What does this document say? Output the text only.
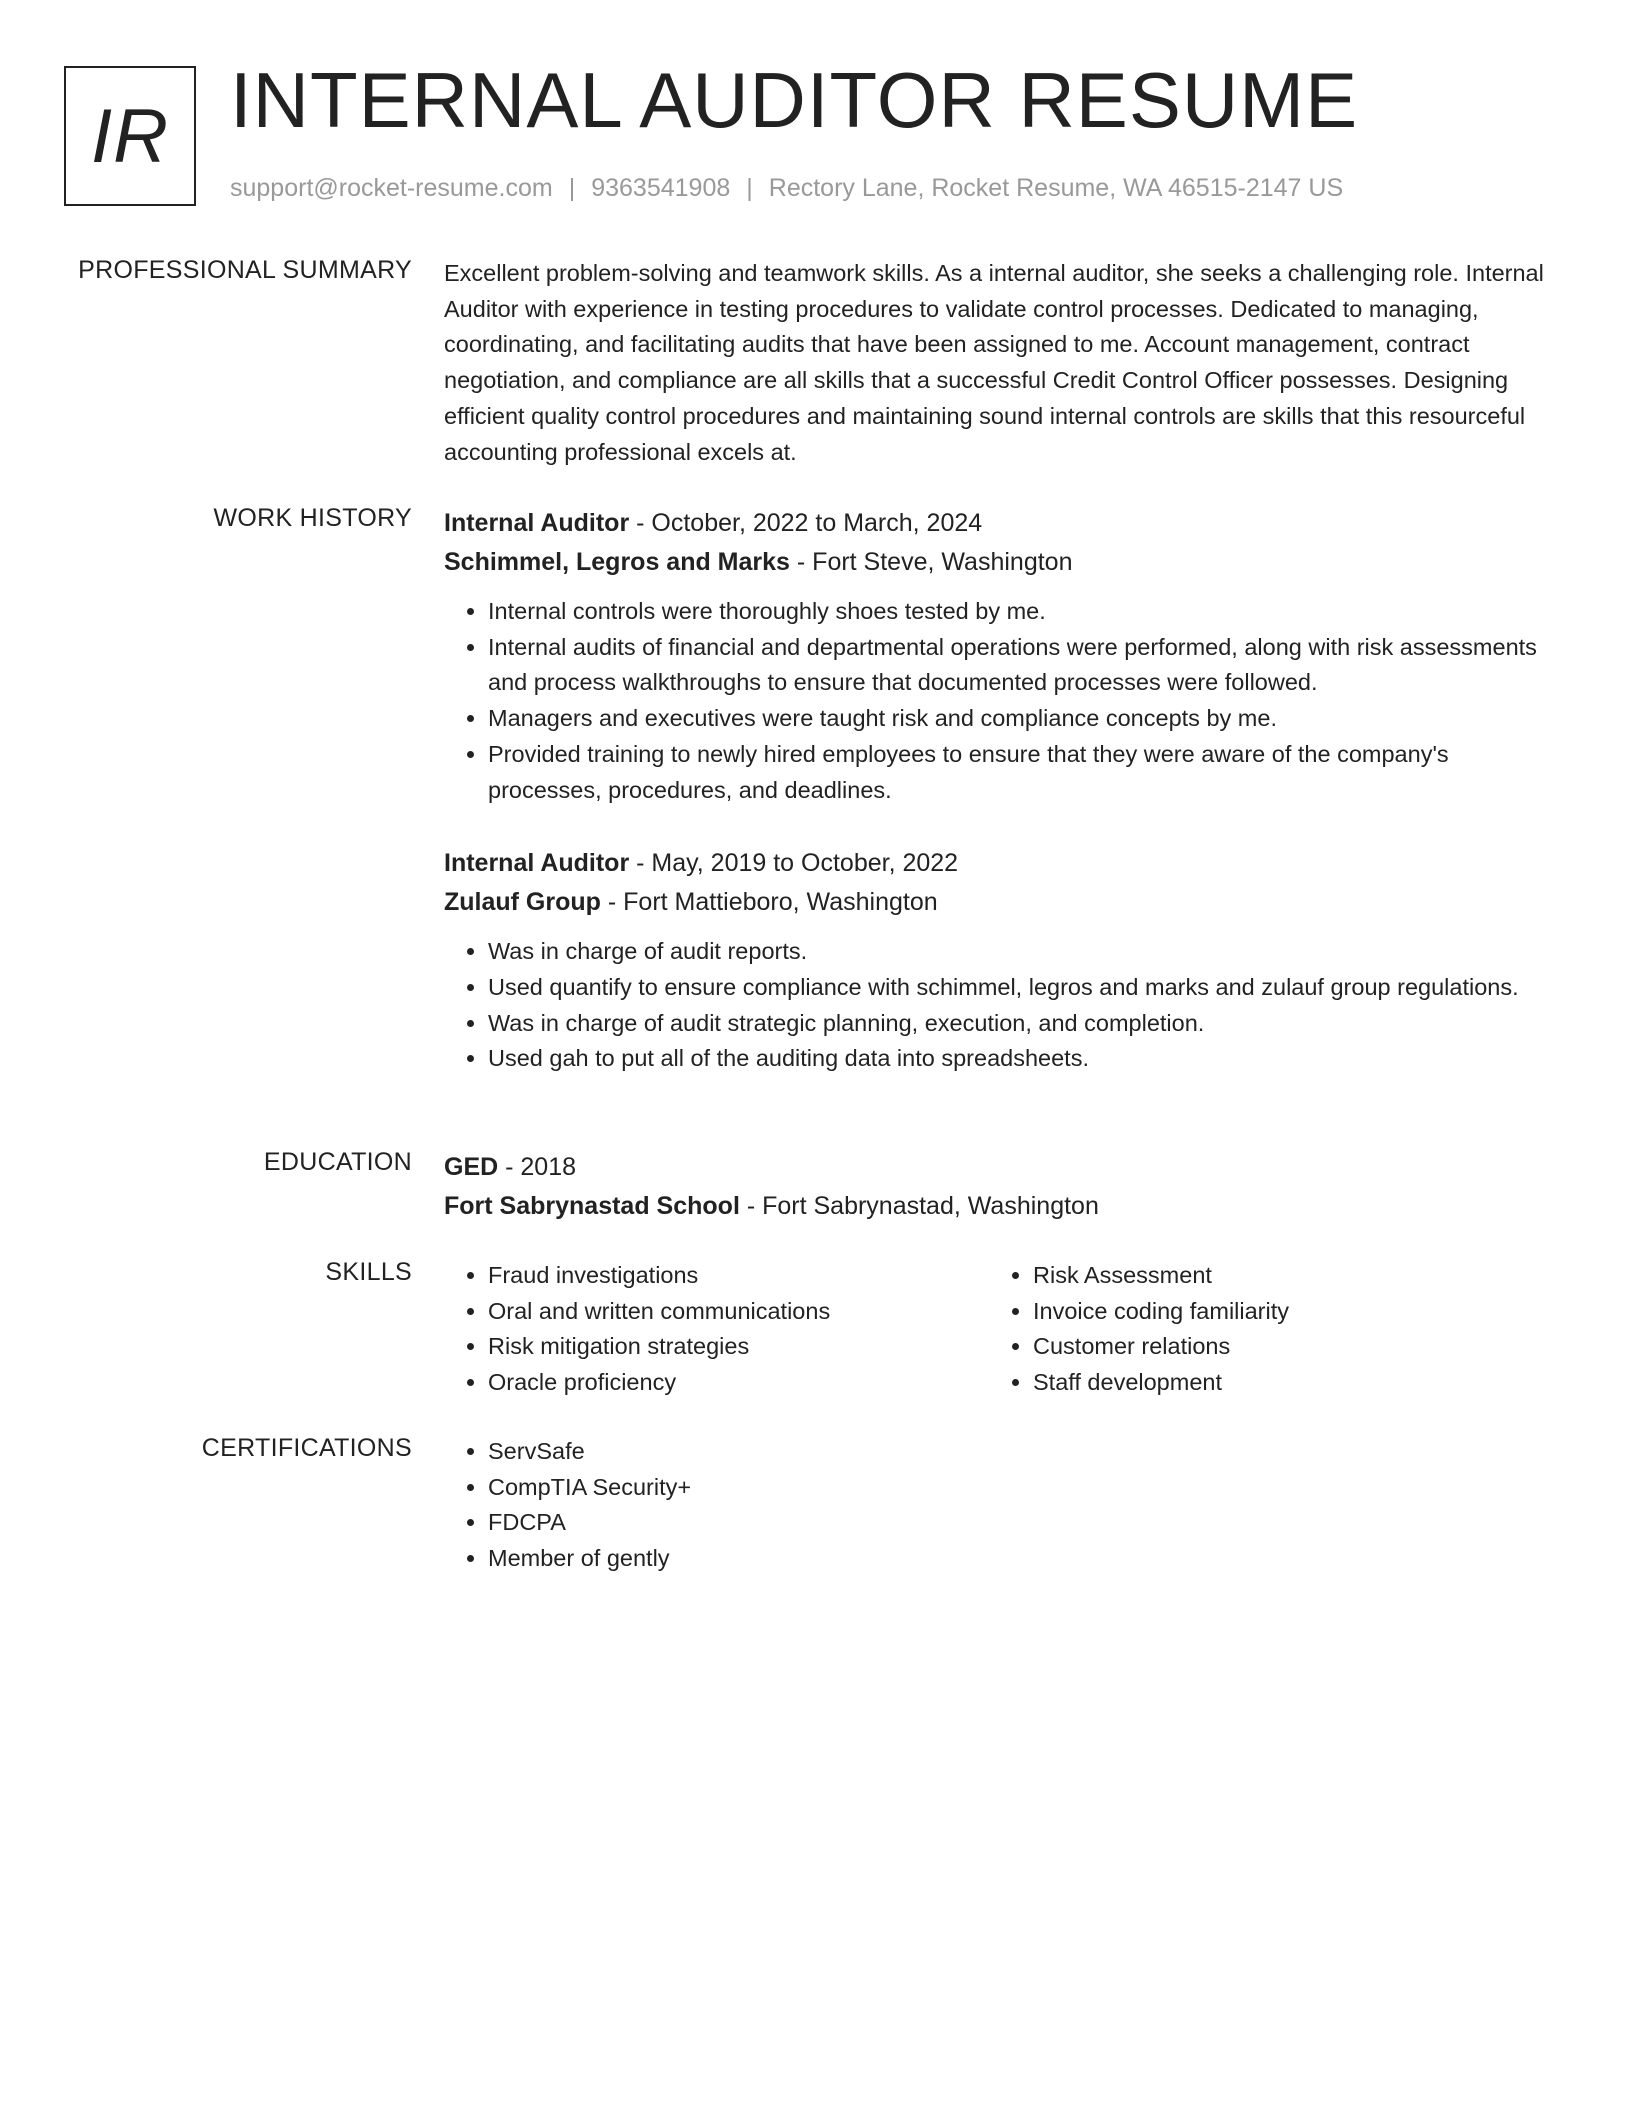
IR INTERNAL AUDITOR RESUME
support@rocket-resume.com | 9363541908 | Rectory Lane, Rocket Resume, WA 46515-2147 US
PROFESSIONAL SUMMARY Excellent problem-solving and teamwork skills. As a internal auditor, she seeks a challenging role. Internal Auditor with experience in testing procedures to validate control processes. Dedicated to managing, coordinating, and facilitating audits that have been assigned to me. Account management, contract negotiation, and compliance are all skills that a successful Credit Control Officer possesses. Designing efficient quality control procedures and maintaining sound internal controls are skills that this resourceful accounting professional excels at.

WORK HISTORY Internal Auditor - October, 2022 to March, 2024
Schimmel, Legros and Marks - Fort Steve, Washington
• Internal controls were thoroughly shoes tested by me.
• Internal audits of financial and departmental operations were performed, along with risk assessments and process walkthroughs to ensure that documented processes were followed.
• Managers and executives were taught risk and compliance concepts by me.
• Provided training to newly hired employees to ensure that they were aware of the company's processes, procedures, and deadlines.
Internal Auditor - May, 2019 to October, 2022
Zulauf Group - Fort Mattieboro, Washington
• Was in charge of audit reports.
• Used quantify to ensure compliance with schimmel, legros and marks and zulauf group regulations.
• Was in charge of audit strategic planning, execution, and completion.
• Used gah to put all of the auditing data into spreadsheets.
EDUCATION GED - 2018
Fort Sabrynastad School - Fort Sabrynastad, Washington
SKILLS	• Fraud investigations
• Oral and written communications
• Risk mitigation strategies
• Oracle proficiency
• Risk Assessment
• Invoice coding familiarity
• Customer relations
• Staff development
CERTIFICATIONS	• ServSafe
• CompTIA Security+
• FDCPA
• Member of gently
